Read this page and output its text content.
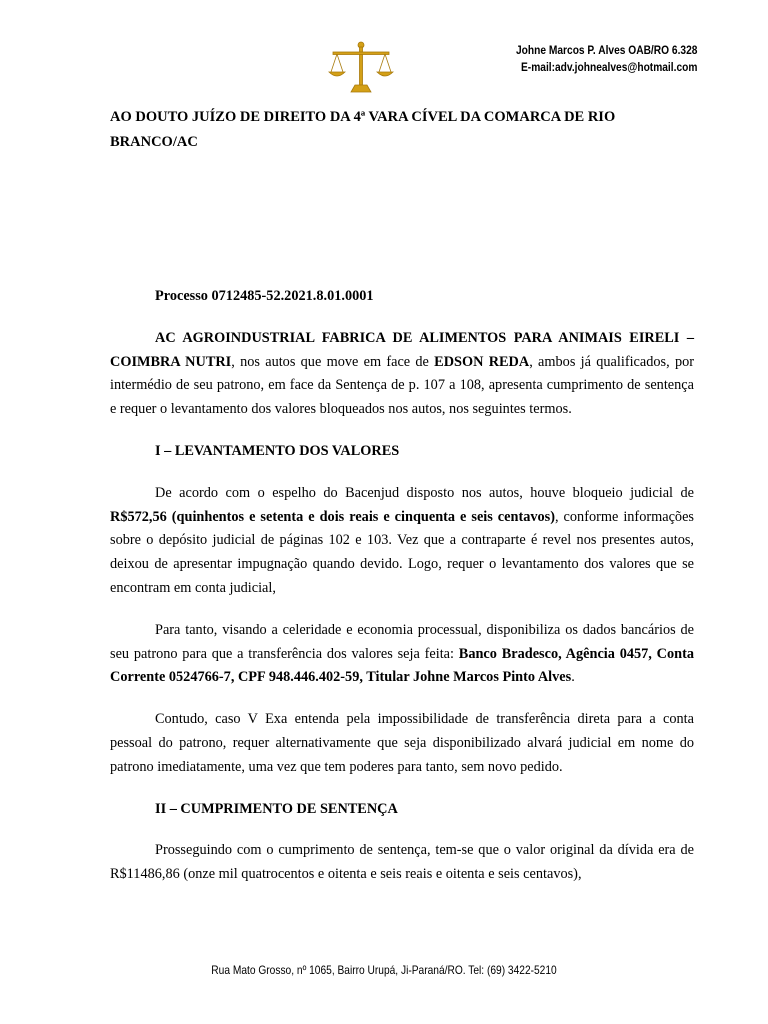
Johne Marcos P. Alves OAB/RO 6.328
E-mail:adv.johnealves@hotmail.com
AO DOUTO JUÍZO DE DIREITO DA 4ª VARA CÍVEL DA COMARCA DE RIO
BRANCO/AC

Processo 0712485-52.2021.8.01.0001

AC AGROINDUSTRIAL FABRICA DE ALIMENTOS PARA ANIMAIS EIRELI – COIMBRA NUTRI, nos autos que move em face de EDSON REDA, ambos já qualificados, por intermédio de seu patrono, em face da Sentença de p. 107 a 108, apresenta cumprimento de sentença e requer o levantamento dos valores bloqueados nos autos, nos seguintes termos.

I – LEVANTAMENTO DOS VALORES

De acordo com o espelho do Bacenjud disposto nos autos, houve bloqueio judicial de R$572,56 (quinhentos e setenta e dois reais e cinquenta e seis centavos), conforme informações sobre o depósito judicial de páginas 102 e 103. Vez que a contraparte é revel nos presentes autos, deixou de apresentar impugnação quando devido. Logo, requer o levantamento dos valores que se encontram em conta judicial,

Para tanto, visando a celeridade e economia processual, disponibiliza os dados bancários de seu patrono para que a transferência dos valores seja feita: Banco Bradesco, Agência 0457, Conta Corrente 0524766-7, CPF 948.446.402-59, Titular Johne Marcos Pinto Alves.

Contudo, caso V Exa entenda pela impossibilidade de transferência direta para a conta pessoal do patrono, requer alternativamente que seja disponibilizado alvará judicial em nome do patrono imediatamente, uma vez que tem poderes para tanto, sem novo pedido.

II – CUMPRIMENTO DE SENTENÇA

Prosseguindo com o cumprimento de sentença, tem-se que o valor original da dívida era de R$11486,86 (onze mil quatrocentos e oitenta e seis reais e oitenta e seis centavos),

Rua Mato Grosso, nº 1065, Bairro Urupá, Ji-Paraná/RO. Tel: (69) 3422-5210
